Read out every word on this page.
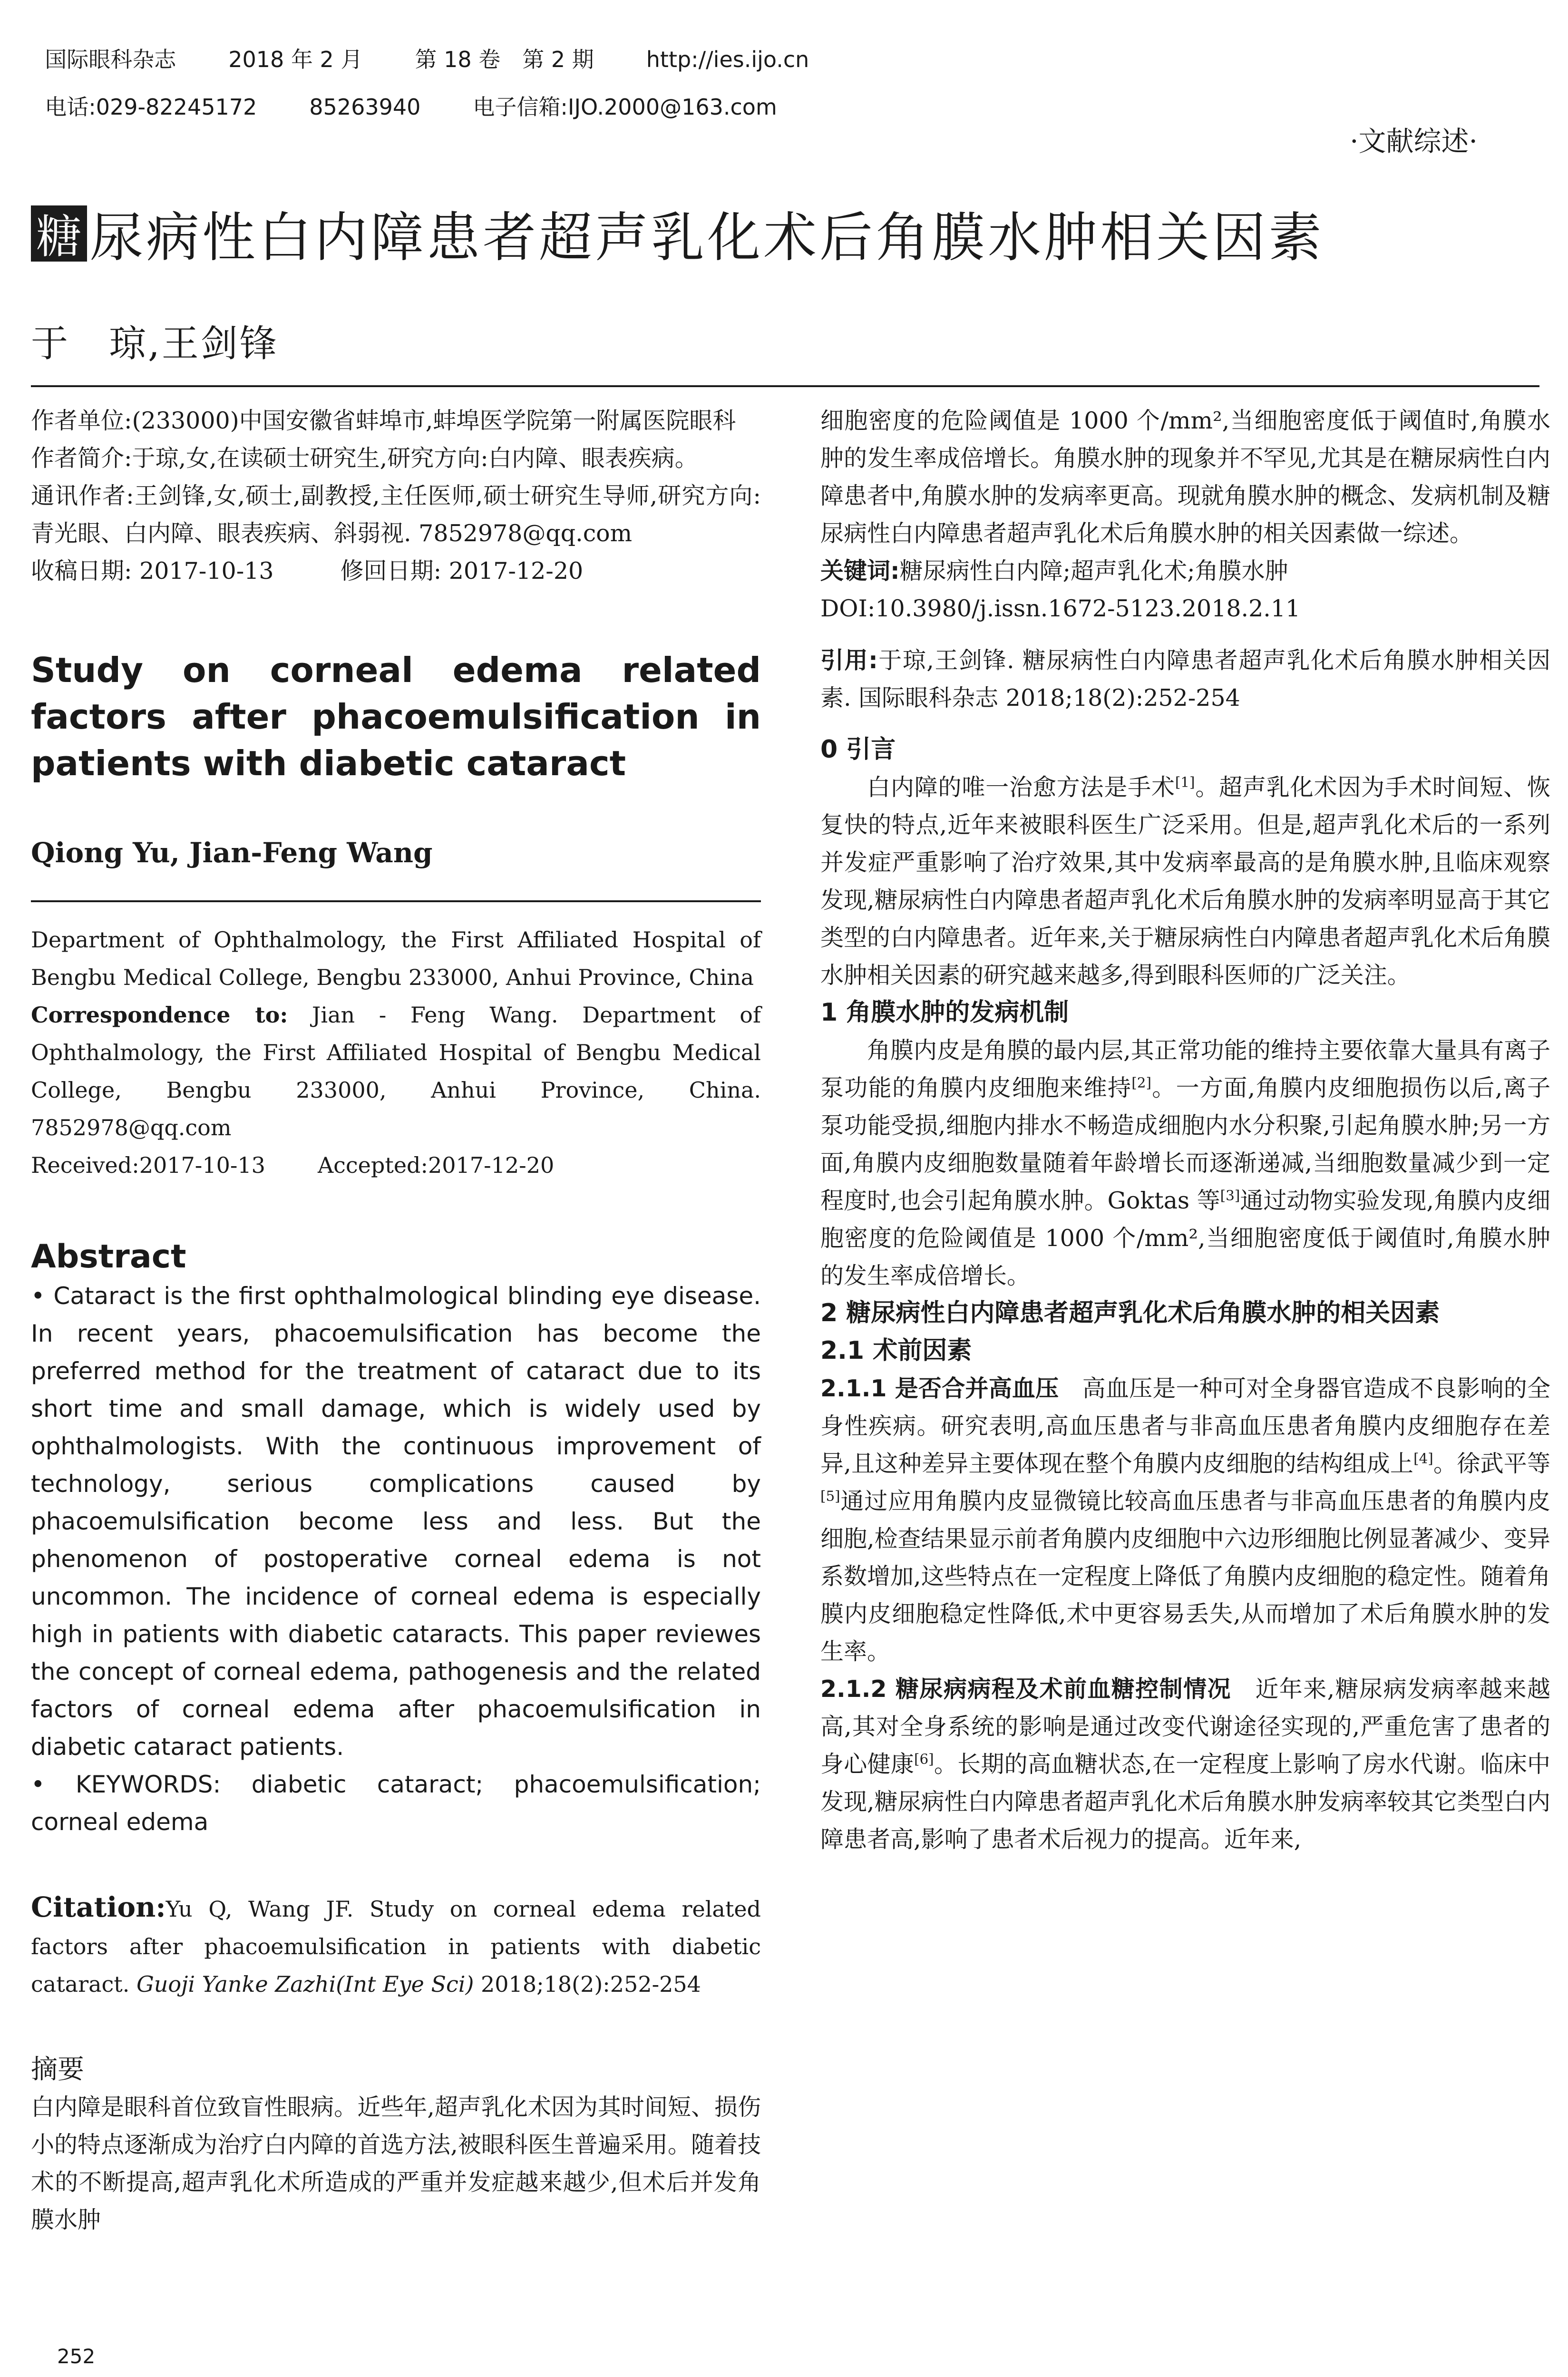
国际眼科杂志 2018 年 2 月 第 18 卷　第 2 期 http://ies.ijo.cn

电话:029-82245172 85263940 电子信箱:IJO.2000@163.com

·文献综述·
糖 尿病性白内障患者超声乳化术后角膜水肿相关因素
于　琼,王剑锋

作者单位:(233000)中国安徽省蚌埠市,蚌埠医学院第一附属医院眼科

作者简介:于琼,女,在读硕士研究生,研究方向:白内障、眼表疾病。

通讯作者:王剑锋,女,硕士,副教授,主任医师,硕士研究生导师,研究方向:青光眼、白内障、眼表疾病、斜弱视. 7852978@qq.com

收稿日期: 2017-10-13	修回日期: 2017-12-20

Study on corneal edema related factors after phacoemulsification in patients with diabetic cataract
Qiong Yu, Jian-Feng Wang

Department of Ophthalmology, the First Affiliated Hospital of Bengbu Medical College, Bengbu 233000, Anhui Province, China

Correspondence to: Jian - Feng Wang. Department of Ophthalmology, the First Affiliated Hospital of Bengbu Medical College, Bengbu 233000, Anhui Province, China. 7852978@qq.com

Received:2017-10-13 Accepted:2017-12-20

Abstract

• Cataract is the first ophthalmological blinding eye disease. In recent years, phacoemulsification has become the preferred method for the treatment of cataract due to its short time and small damage, which is widely used by ophthalmologists. With the continuous improvement of technology, serious complications caused by phacoemulsification become less and less. But the phenomenon of postoperative corneal edema is not uncommon. The incidence of corneal edema is especially high in patients with diabetic cataracts. This paper reviewes the concept of corneal edema, pathogenesis and the related factors of corneal edema after phacoemulsification in diabetic cataract patients.

• KEYWORDS: diabetic cataract; phacoemulsification; corneal edema

Citation:Yu Q, Wang JF. Study on corneal edema related factors after phacoemulsification in patients with diabetic cataract. Guoji Yanke Zazhi(Int Eye Sci) 2018;18(2):252-254

摘要

白内障是眼科首位致盲性眼病。近些年,超声乳化术因为其时间短、损伤小的特点逐渐成为治疗白内障的首选方法,被眼科医生普遍采用。随着技术的不断提高,超声乳化术所造成的严重并发症越来越少,但术后并发角膜水肿

细胞密度的危险阈值是 1000 个/mm²,当细胞密度低于阈值时,角膜水肿的发生率成倍增长。角膜水肿的现象并不罕见,尤其是在糖尿病性白内障患者中,角膜水肿的发病率更高。现就角膜水肿的概念、发病机制及糖尿病性白内障患者超声乳化术后角膜水肿的相关因素做一综述。

关键词:糖尿病性白内障;超声乳化术;角膜水肿

DOI:10.3980/j.issn.1672-5123.2018.2.11

引用:于琼,王剑锋. 糖尿病性白内障患者超声乳化术后角膜水肿相关因素. 国际眼科杂志 2018;18(2):252-254

0 引言

白内障的唯一治愈方法是手术[1]。超声乳化术因为手术时间短、恢复快的特点,近年来被眼科医生广泛采用。但是,超声乳化术后的一系列并发症严重影响了治疗效果,其中发病率最高的是角膜水肿,且临床观察发现,糖尿病性白内障患者超声乳化术后角膜水肿的发病率明显高于其它类型的白内障患者。近年来,关于糖尿病性白内障患者超声乳化术后角膜水肿相关因素的研究越来越多,得到眼科医师的广泛关注。

1 角膜水肿的发病机制

角膜内皮是角膜的最内层,其正常功能的维持主要依靠大量具有离子泵功能的角膜内皮细胞来维持[2]。一方面,角膜内皮细胞损伤以后,离子泵功能受损,细胞内排水不畅造成细胞内水分积聚,引起角膜水肿;另一方面,角膜内皮细胞数量随着年龄增长而逐渐递减,当细胞数量减少到一定程度时,也会引起角膜水肿。Goktas 等[3]通过动物实验发现,角膜内皮细胞密度的危险阈值是 1000 个/mm²,当细胞密度低于阈值时,角膜水肿的发生率成倍增长。

2 糖尿病性白内障患者超声乳化术后角膜水肿的相关因素
2.1 术前因素

2.1.1 是否合并高血压　高血压是一种可对全身器官造成不良影响的全身性疾病。研究表明,高血压患者与非高血压患者角膜内皮细胞存在差异,且这种差异主要体现在整个角膜内皮细胞的结构组成上[4]。徐武平等[5]通过应用角膜内皮显微镜比较高血压患者与非高血压患者的角膜内皮细胞,检查结果显示前者角膜内皮细胞中六边形细胞比例显著减少、变异系数增加,这些特点在一定程度上降低了角膜内皮细胞的稳定性。随着角膜内皮细胞稳定性降低,术中更容易丢失,从而增加了术后角膜水肿的发生率。

2.1.2 糖尿病病程及术前血糖控制情况　近年来,糖尿病发病率越来越高,其对全身系统的影响是通过改变代谢途径实现的,严重危害了患者的身心健康[6]。长期的高血糖状态,在一定程度上影响了房水代谢。临床中发现,糖尿病性白内障患者超声乳化术后角膜水肿发病率较其它类型白内障患者高,影响了患者术后视力的提高。近年来,

252
